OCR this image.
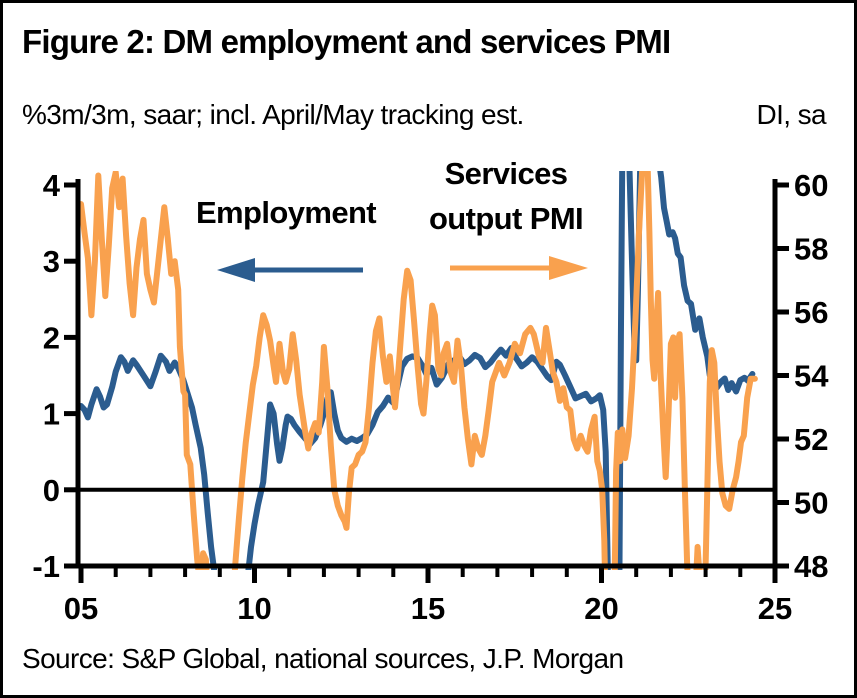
4
3
2
1
0
-1
60
58
56
54
52
50
48
05	10	15	20	25
Figure 2: DM employment and services PMI
%3m/3m, saar; incl. April/May tracking est.	DI, sa
Employment
Services
output PMI
Source: S&P Global, national sources, J.P. Morgan
